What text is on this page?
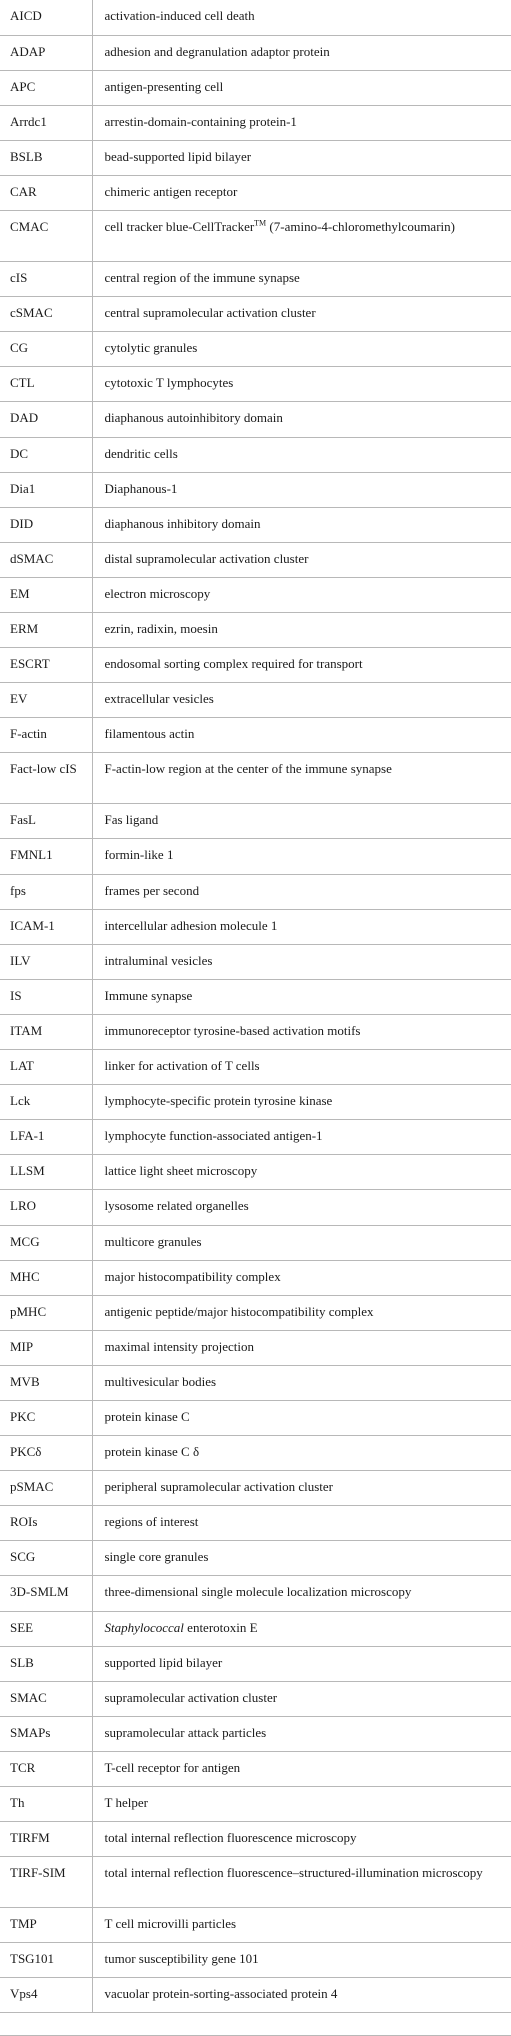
AICD	activation-induced cell death
ADAP	adhesion and degranulation adaptor protein
APC	antigen-presenting cell
Arrdc1	arrestin-domain-containing protein-1
BSLB	bead-supported lipid bilayer
CAR	chimeric antigen receptor
CMAC	cell tracker blue-CellTracker™ (7-amino-4-chloromethylcoumarin)
cIS	central region of the immune synapse
cSMAC	central supramolecular activation cluster
CG	cytolytic granules
CTL	cytotoxic T lymphocytes
DAD	diaphanous autoinhibitory domain
DC	dendritic cells
Dia1	Diaphanous-1
DID	diaphanous inhibitory domain
dSMAC	distal supramolecular activation cluster
EM	electron microscopy
ERM	ezrin, radixin, moesin
ESCRT	endosomal sorting complex required for transport
EV	extracellular vesicles
F-actin	filamentous actin
Fact-low cIS	F-actin-low region at the center of the immune synapse
FasL	Fas ligand
FMNL1	formin-like 1
fps	frames per second
ICAM-1	intercellular adhesion molecule 1
ILV	intraluminal vesicles
IS	Immune synapse
ITAM	immunoreceptor tyrosine-based activation motifs
LAT	linker for activation of T cells
Lck	lymphocyte-specific protein tyrosine kinase
LFA-1	lymphocyte function-associated antigen-1
LLSM	lattice light sheet microscopy
LRO	lysosome related organelles
MCG	multicore granules
MHC	major histocompatibility complex
pMHC	antigenic peptide/major histocompatibility complex
MIP	maximal intensity projection
MVB	multivesicular bodies
PKC	protein kinase C
PKCδ	protein kinase C δ
pSMAC	peripheral supramolecular activation cluster
ROIs	regions of interest
SCG	single core granules
3D-SMLM	three-dimensional single molecule localization microscopy
SEE	Staphylococcal enterotoxin E
SLB	supported lipid bilayer
SMAC	supramolecular activation cluster
SMAPs	supramolecular attack particles
TCR	T-cell receptor for antigen
Th	T helper
TIRFM	total internal reflection fluorescence microscopy
TIRF-SIM	total internal reflection fluorescence–structured-illumination microscopy
TMP	T cell microvilli particles
TSG101	tumor susceptibility gene 101
Vps4	vacuolar protein-sorting-associated protein 4
